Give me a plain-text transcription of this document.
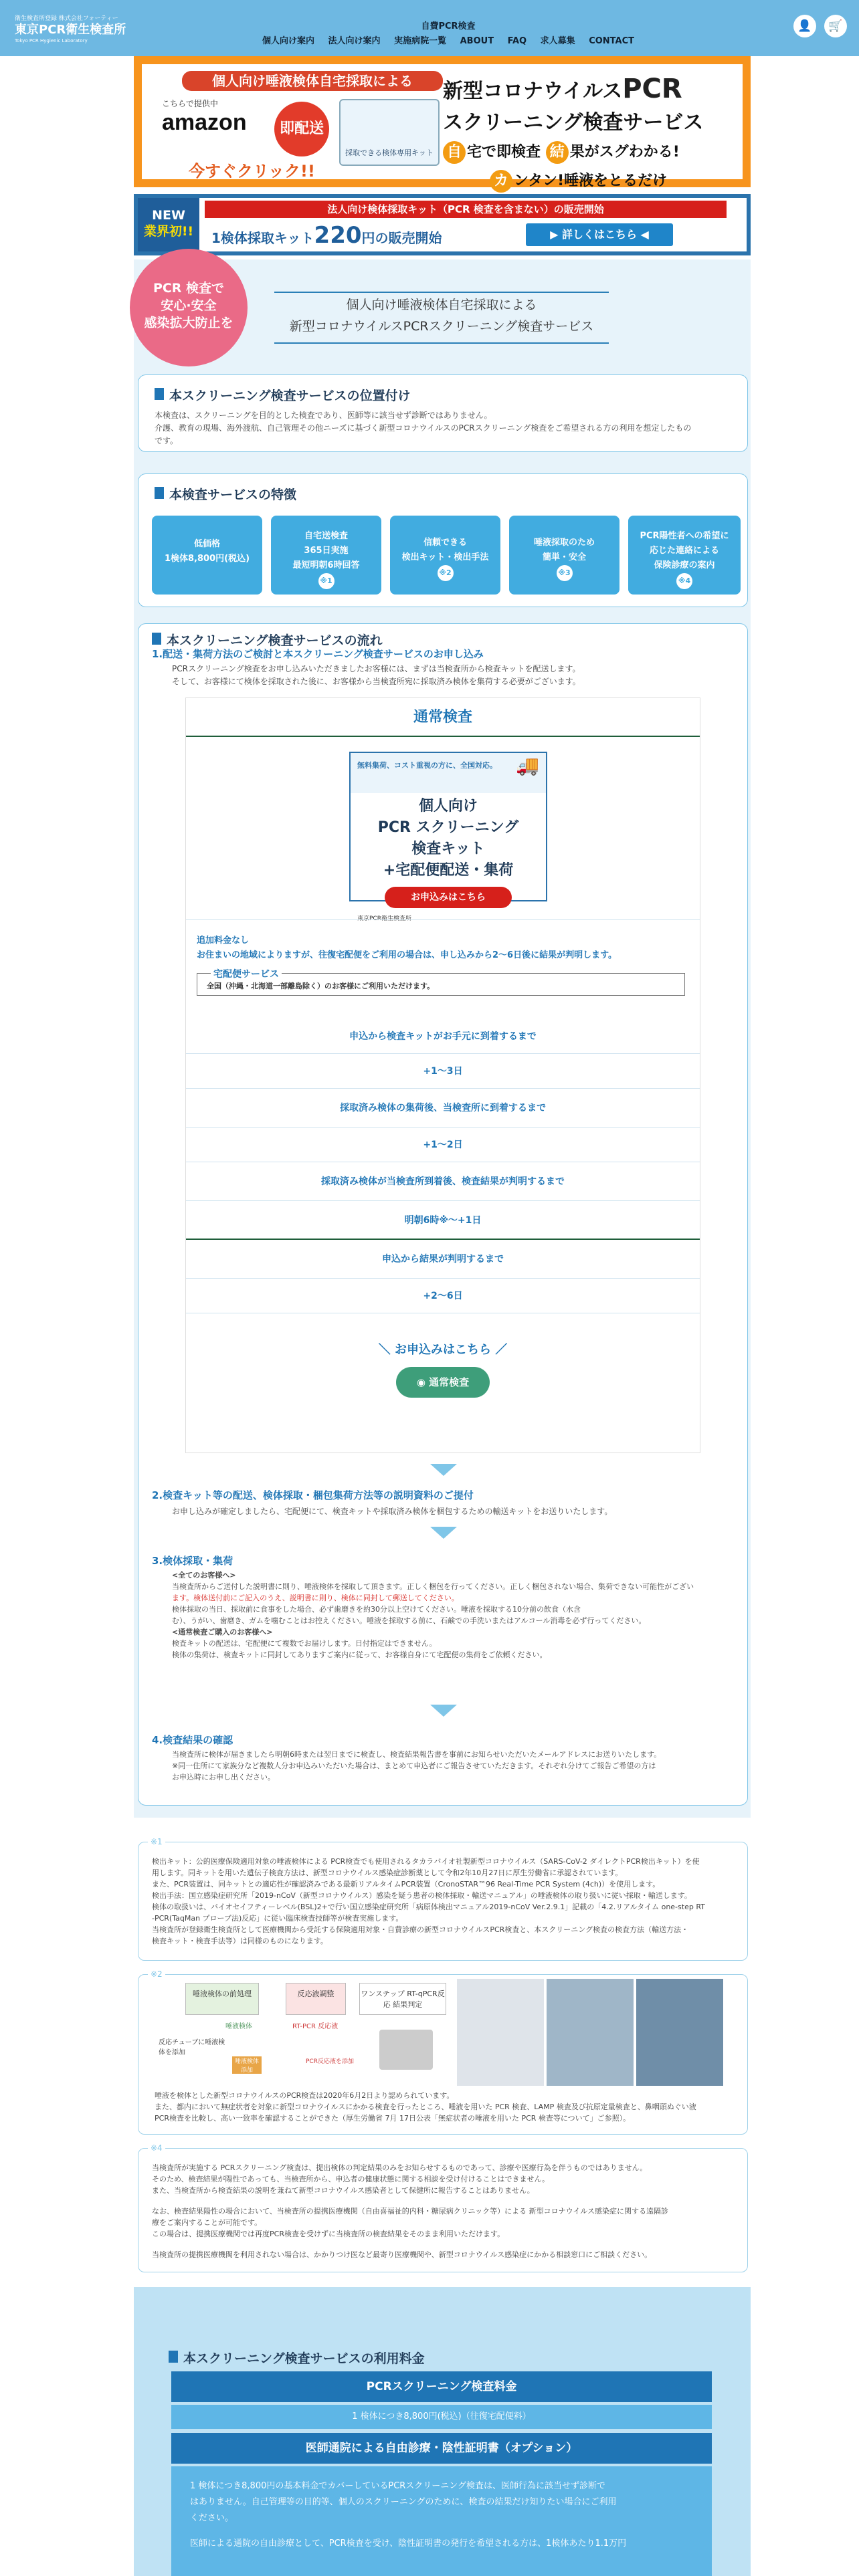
衛生検査所登録 株式会社フォーティー
東京PCR衛生検査所
Tokyo PCR Hygienic Laboratory
自費PCR検査
個人向け案内 法人向け案内 実施病院一覧 ABOUT FAQ 求人募集 CONTACT
👤	🛒
個人向け唾液検体自宅採取による
こちらで提供中
amazon	即配送
採取できる検体専用キット
今すぐクリック!!
新型コロナウイルスPCR
スクリーニング検査サービス
自 宅で即検査 結 果がスグわかる!
カ ンタン!唾液をとるだけ
NEW
業界初!!
法人向け検体採取キット（PCR 検査を含まない）の販売開始
1検体採取キット220円の販売開始	▶ 詳しくはこちら ◀
PCR 検査で
安心·安全
感染拡大防止を
個人向け唾液検体自宅採取による
新型コロナウイルスPCRスクリーニング検査サービス
本スクリーニング検査サービスの位置付け
本検査は、スクリーニングを目的とした検査であり、医師等に該当せず診断ではありません。
介護、教育の現場、海外渡航、自己管理その他ニーズに基づく新型コロナウイルスのPCRスクリーニング検査をご希望される方の利用を想定したもの
です。
本検査サービスの特徴
低価格
1検体8,800円(税込)
自宅送検査
365日実施
最短明朝6時回答
※1
信頼できる
検出キット・検出手法
※2
唾液採取のため
簡単・安全
※3
PCR陽性者への希望に
応じた連絡による
保険診療の案内
※4
本スクリーニング検査サービスの流れ
1.配送・集荷方法のご検討と本スクリーニング検査サービスのお申し込み
PCRスクリーニング検査をお申し込みいただきましたお客様には、まずは当検査所から検査キットを配送します。
そして、お客様にて検体を採取された後に、お客様から当検査所宛に採取済み検体を集荷する必要がございます。
通常検査
無料集荷、コスト重視の方に、全国対応。 🚚
個人向け
PCR スクリーニング
検査キット
+宅配便配送・集荷
お申込みはこちら
東京PCR衛生検査所
追加料金なし
お住まいの地域によりますが、往復宅配便をご利用の場合は、申し込みから2〜6日後に結果が判明します。
宅配便サービス
全国（沖縄・北海道一部離島除く）のお客様にご利用いただけます。
申込から検査キットがお手元に到着するまで
+1〜3日
採取済み検体の集荷後、当検査所に到着するまで
+1〜2日
採取済み検体が当検査所到着後、検査結果が判明するまで
明朝6時※〜+1日
申込から結果が判明するまで
+2〜6日
＼ お申込みはこちら ／
◉ 通常検査
2.検査キット等の配送、検体採取・梱包集荷方法等の説明資料のご提付
お申し込みが確定しましたら、宅配便にて、検査キットや採取済み検体を梱包するための輸送キットをお送りいたします。
3.検体採取・集荷
<全てのお客様へ>
当検査所からご送付した説明書に則り、唾液検体を採取して頂きます。正しく梱包を行ってください。正しく梱包されない場合、集荷できない可能性がござい
ます。検体送付前にご記入のうえ、説明書に則り、検体に同封して郵送してください。
検体採取の当日、採取前に食事をした場合、必ず歯磨きを約30分以上空けてください。唾液を採取する10分前の飲食（水含
む）、うがい、歯磨き、ガムを噛むことはお控えください。唾液を採取する前に、石鹸での手洗いまたはアルコール消毒を必ず行ってください。
<通常検査ご購入のお客様へ>
検査キットの配送は、宅配便にて複数でお届けします。日付指定はできません。
検体の集荷は、検査キットに同封してありますご案内に従って、お客様自身にて宅配便の集荷をご依頼ください。
4.検査結果の確認
当検査所に検体が届きましたら明朝6時または翌日までに検査し、検査結果報告書を事前にお知らせいただいたメールアドレスにお送りいたします。
※同一住所にて家族分など複数人分お申込みいただいた場合は、まとめて申込者にご報告させていただきます。それぞれ分けてご報告ご希望の方は
お申込時にお申し出ください。
※1
検出キット：公的医療保険適用対象の唾液検体による PCR検査でも使用されるタカラバイオ社製新型コロナウイルス（SARS-CoV-2 ダイレクトPCR検出キット）を使
用します。同キットを用いた遺伝子検査方法は、新型コロナウイルス感染症診断薬として令和2年10月27日に厚生労働省に承認されています。
また、PCR装置は、同キットとの適応性が確認済みである最新リアルタイムPCR装置（CronoSTAR™96 Real-Time PCR System (4ch)）を使用します。
検出手法：国立感染症研究所「2019-nCoV（新型コロナウイルス）感染を疑う患者の検体採取・輸送マニュアル」の唾液検体の取り扱いに従い採取・輸送します。
検体の取扱いは、バイオセイフティーレベル(BSL)2+で行い国立感染症研究所「病原体検出マニュアル2019-nCoV Ver.2.9.1」記載の「4.2.リアルタイム one-step RT
-PCR(TaqMan プローブ法)反応」に従い臨床検査技師等が検査実施します。
当検査所が登録衛生検査所として医療機関から受託する保険適用対象・自費診療の新型コロナウイルスPCR検査と、本スクリーニング検査の検査方法（輸送方法・
検査キット・検査手法等）は同様のものになります。
※2
唾液検体の前処理	反応液調整	ワンステップ RT-qPCR反応 結果判定
唾液検体
反応チューブに唾液検体を添加
RT-PCR 反応液
唾液検体添加
PCR反応液を添加
唾液を検体とした新型コロナウイルスのPCR検査は2020年6月2日より認められています。
また、都内において無症状者を対象に新型コロナウイルスにかかる検査を行ったところ、唾液を用いた PCR 検査、LAMP 検査及び抗原定量検査と、鼻咽頭ぬぐい液
PCR検査を比較し、高い一致率を確認することができた（厚生労働省 7月 17日公表「無症状者の唾液を用いた PCR 検査等について」ご参照）。
※4
当検査所が実施する PCRスクリーニング検査は、提出検体の判定結果のみをお知らせするものであって、診療や医療行為を伴うものではありません。
そのため、検査結果が陽性であっても、当検査所から、申込者の健康状態に関する相談を受け付けることはできません。
また、当検査所から検査結果の説明を兼ねて新型コロナウイルス感染者として保健所に報告することはありません。
なお、検査結果陽性の場合において、当検査所の提携医療機関（自由喜福祉的内科・糖尿病クリニック等）による 新型コロナウイルス感染症に関する遠隔診
療をご案内することが可能です。
この場合は、提携医療機関では再度PCR検査を受けずに当検査所の検査結果をそのまま利用いただけます。
当検査所の提携医療機関を利用されない場合は、かかりつけ医など最寄り医療機関や、新型コロナウイルス感染症にかかる相談窓口にご相談ください。
本スクリーニング検査サービスの利用料金
PCRスクリーニング検査料金
1 検体につき8,800円(税込)（往復宅配便料）
医師通院による自由診療・陰性証明書（オプション）
1 検体につき8,800円の基本料金でカバーしているPCRスクリーニング検査は、医師行為に該当せず診断で
はありません。自己管理等の目的等、個人のスクリーニングのために、検査の結果だけ知りたい場合にご利用
ください。
医師による通院の自由診療として、PCR検査を受け、陰性証明書の発行を希望される方は、1検体あたり1.1万円
